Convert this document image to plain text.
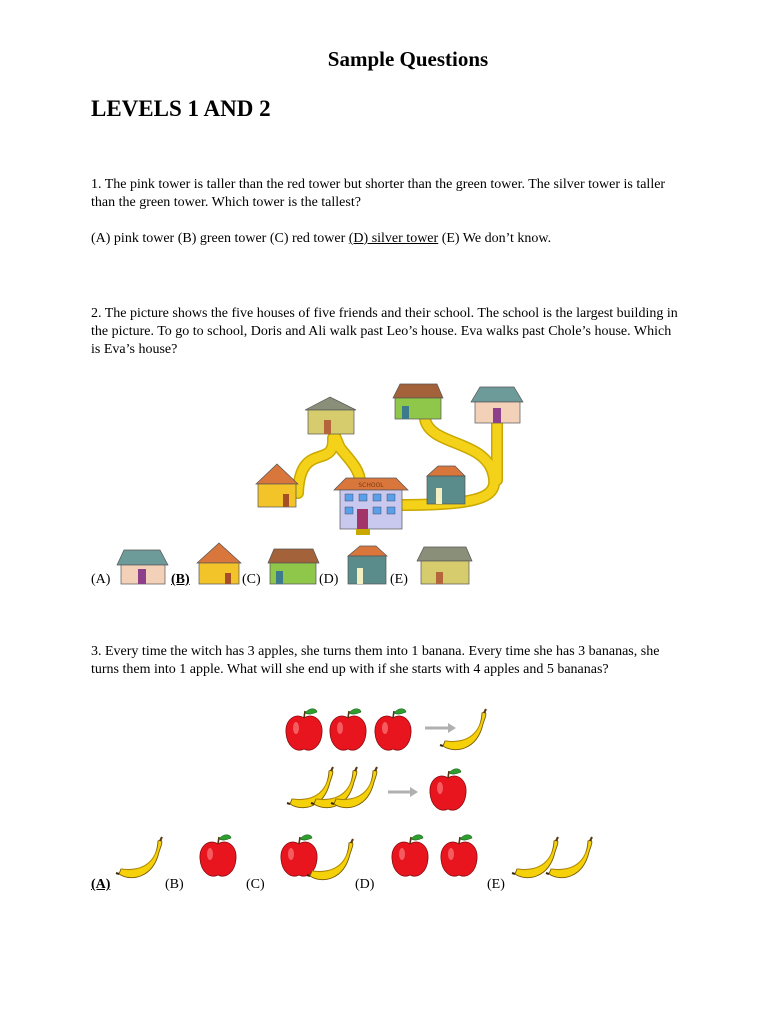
Sample Questions
LEVELS 1 AND 2
1. The pink tower is taller than the red tower but shorter than the green tower. The silver tower is taller than the green tower. Which tower is the tallest?
(A) pink tower (B) green tower (C) red tower (D) silver tower (E) We don’t know.
2. The picture shows the five houses of five friends and their school. The school is the largest building in the picture. To go to school, Doris and Ali walk past Leo’s house. Eva walks past Chole’s house. Which is Eva’s house?
SCHOOL
(A)	(B)	(C)	(D)	(E)
3. Every time the witch has 3 apples, she turns them into 1 banana. Every time she has 3 bananas, she turns them into 1 apple. What will she end up with if she starts with 4 apples and 5 bananas?
(A)	(B)	(C)	(D)	(E)
